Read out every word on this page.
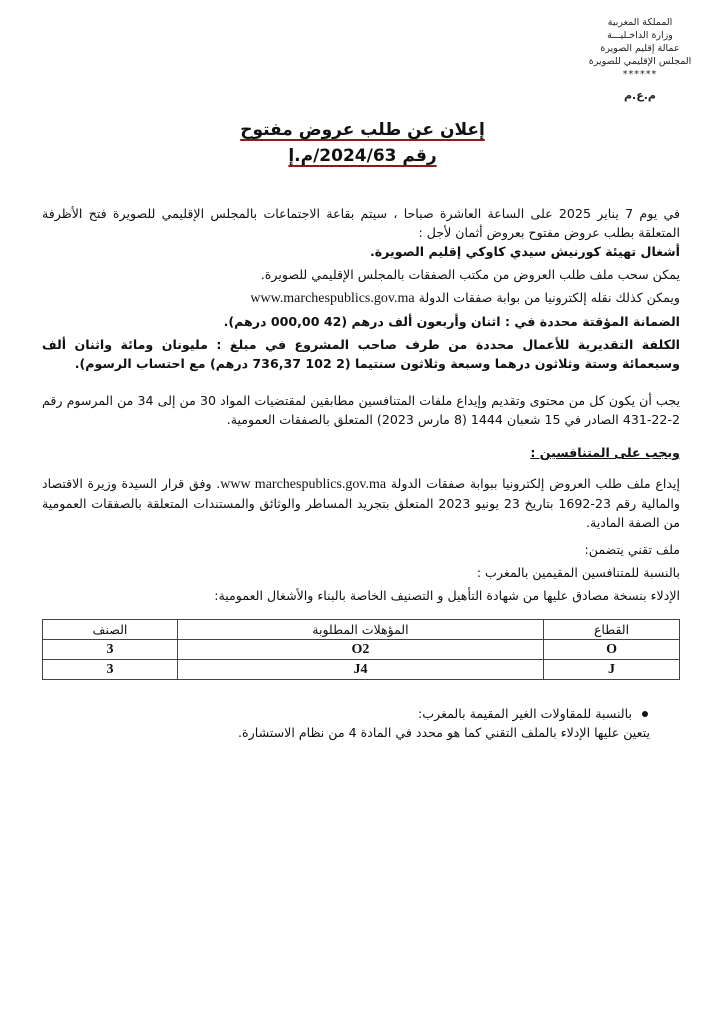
المملكة المغربية
وزارة الداخـليـــة
عمالة إقليم الصويرة
المجلس الإقليمي للصويرة
******
م.ع.م
إعلان عن طلب عروض مفتوح
رقم 2024/63/م.إ

في يوم 7 يناير 2025 على الساعة العاشرة صباحا ، سيتم بقاعة الاجتماعات بالمجلس الإقليمي للصويرة فتح الأظرفة المتعلقة بطلب عروض مفتوح بعروض أثمان لأجل :

أشغال تهيئة كورنيش سيدي كاوكي إقليم الصويرة.

يمكن سحب ملف طلب العروض من مكتب الصفقات بالمجلس الإقليمي للصويرة.

ويمكن كذلك نقله إلكترونيا من بوابة صفقات الدولة www.marchespublics.gov.ma

الضمانة المؤقتة محددة في : اثنان وأربعون ألف درهم (42 000,00 درهم).

الكلفة التقديرية للأعمال محددة من طرف صاحب المشروع في مبلغ : مليونان ومائة واثنان ألف وسبعمائة وستة وثلاثون درهما وسبعة وثلاثون سنتيما (2 102 736,37 درهم) مع احتساب الرسوم).

يجب أن يكون كل من محتوى وتقديم وإيداع ملفات المتنافسين مطابقين لمقتضيات المواد 30 من إلى 34 من المرسوم رقم 2-22-431 الصادر في 15 شعبان 1444 (8 مارس 2023) المتعلق بالصفقات العمومية.

ويجب على المتنافسين :

إيداع ملف طلب العروض إلكترونيا ببوابة صفقات الدولة www marchespublics.gov.ma. وفق قرار السيدة وزيرة الاقتصاد والمالية رقم 23-1692 بتاريخ 23 يونيو 2023 المتعلق بتجريد المساطر والوثائق والمستندات المتعلقة بالصفقات العمومية من الصفة المادية.

ملف تقني يتضمن:

بالنسبة للمتنافسين المقيمين بالمغرب :

الإدلاء بنسخة مصادق عليها من شهادة التأهيل و التصنيف الخاصة بالبناء والأشغال العمومية:

القطاع	المؤهلات المطلوبة	الصنف
O	O2	3
J	J4	3

بالنسبة للمقاولات الغير المقيمة بالمغرب:

يتعين عليها الإدلاء بالملف التقني كما هو محدد في المادة 4 من نظام الاستشارة.
